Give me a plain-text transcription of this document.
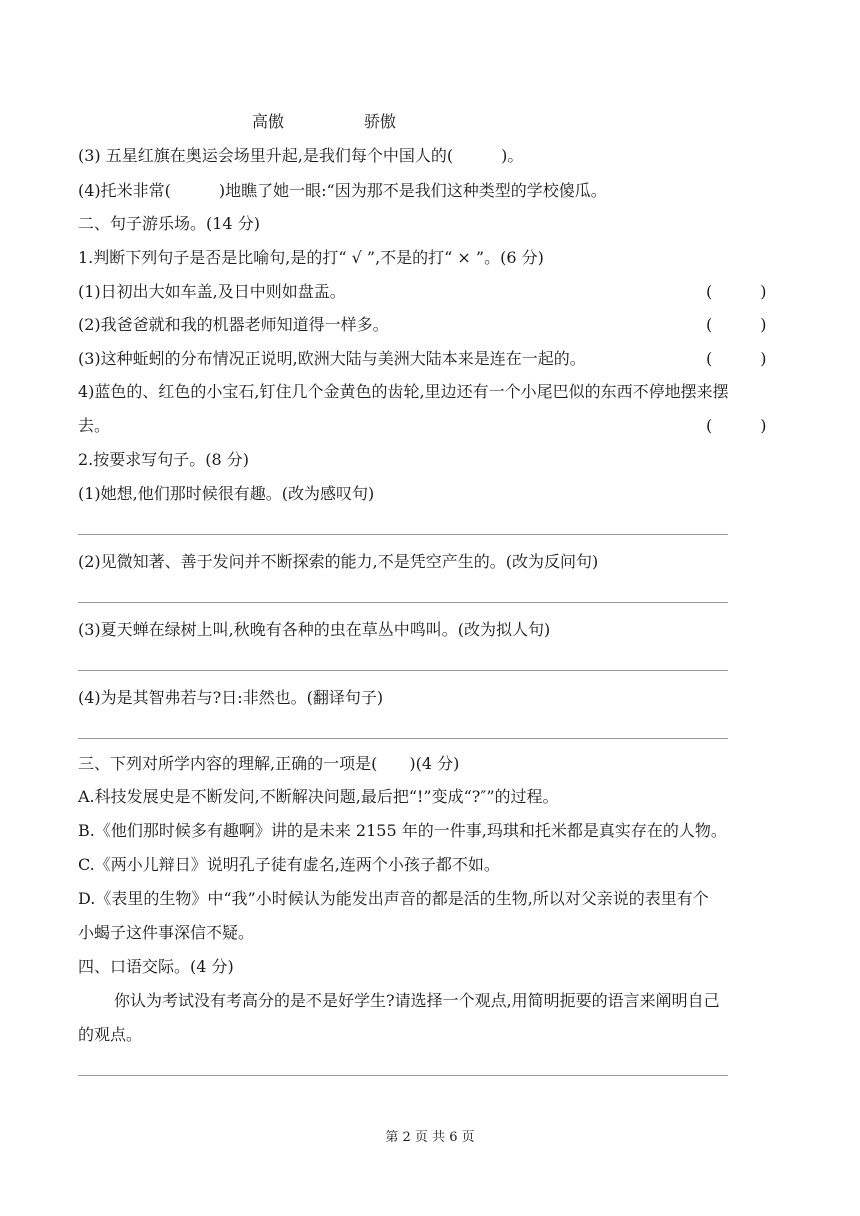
高傲	骄傲
(3) 五星红旗在奥运会场里升起,是我们每个中国人的(　　　)。
(4)托米非常(　　　)地瞧了她一眼:“因为那不是我们这种类型的学校傻瓜。
二、句子游乐场。(14 分)
1.判断下列句子是否是比喻句,是的打“ √ ”,不是的打“ × ”。(6 分)
(1)日初出大如车盖,及日中则如盘盂。	(　　　)
(2)我爸爸就和我的机器老师知道得一样多。	(　　　)
(3)这种蚯蚓的分布情况正说明,欧洲大陆与美洲大陆本来是连在一起的。	(　　　)
4)蓝色的、红色的小宝石,钉住几个金黄色的齿轮,里边还有一个小尾巴似的东西不停地摆来摆
去。	(　　　)
2.按要求写句子。(8 分)
(1)她想,他们那时候很有趣。(改为感叹句)
(2)见微知著、善于发问并不断探索的能力,不是凭空产生的。(改为反问句)
(3)夏天蝉在绿树上叫,秋晚有各种的虫在草丛中鸣叫。(改为拟人句)
(4)为是其智弗若与?日:非然也。(翻译句子)
三、下列对所学内容的理解,正确的一项是(　　)(4 分)
A.科技发展史是不断发问,不断解决问题,最后把“!”变成“?″”的过程。
B.《他们那时候多有趣啊》讲的是未来 2155 年的一件事,玛琪和托米都是真实存在的人物。
C.《两小儿辩日》说明孔子徒有虚名,连两个小孩子都不如。
D.《表里的生物》中“我”小时候认为能发出声音的都是活的生物,所以对父亲说的表里有个
小蝎子这件事深信不疑。
四、口语交际。(4 分)
你认为考试没有考高分的是不是好学生?请选择一个观点,用简明扼要的语言来阐明自己
的观点。
第 2 页 共 6 页
